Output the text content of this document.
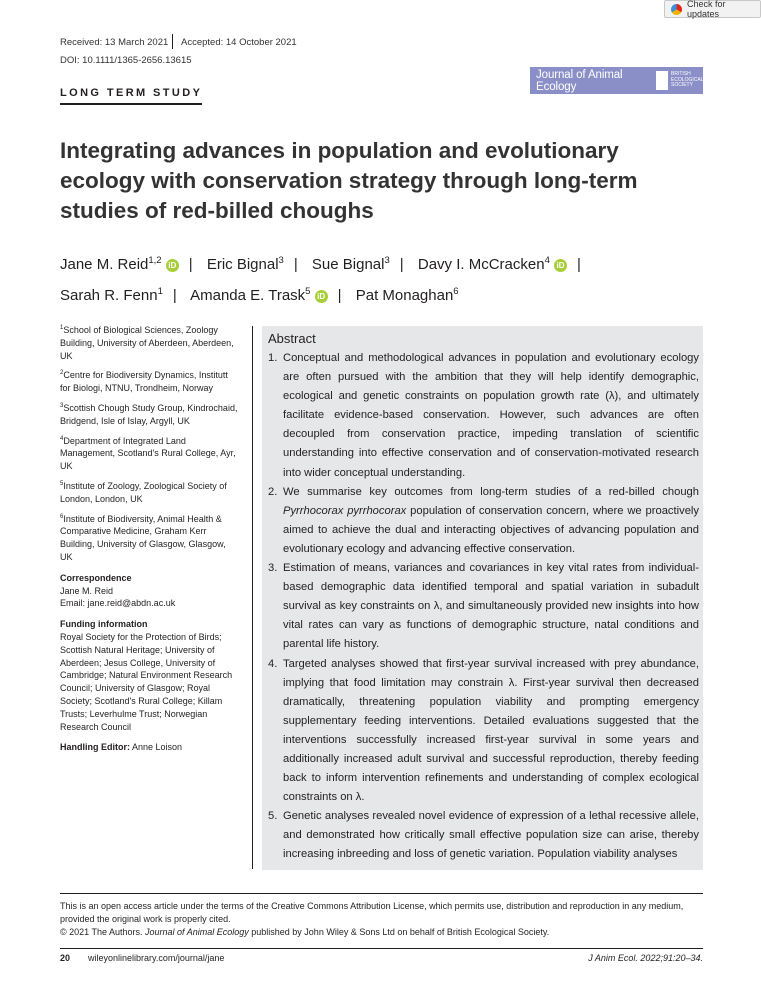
Received: 13 March 2021 Accepted: 14 October 2021
DOI: 10.1111/1365-2656.13615
Check for updates
Journal of Animal Ecology
BRITISH ECOLOGICAL SOCIETY
LONG TERM STUDY
Integrating advances in population and evolutionary ecology with conservation strategy through long-term studies of red-billed choughs
Jane M. Reid$^{1,2}$ iD | Eric Bignal$^3$ | Sue Bignal$^3$ | Davy I. McCracken$^4$ iD |
Sarah R. Fenn$^1$ | Amanda E. Trask$^5$ iD | Pat Monaghan$^6$
$^1$School of Biological Sciences, Zoology Building, University of Aberdeen, Aberdeen, UK
$^2$Centre for Biodiversity Dynamics, Institutt for Biologi, NTNU, Trondheim, Norway
$^3$Scottish Chough Study Group, Kindrochaid, Bridgend, Isle of Islay, Argyll, UK
$^4$Department of Integrated Land Management, Scotland's Rural College, Ayr, UK
$^5$Institute of Zoology, Zoological Society of London, London, UK
$^6$Institute of Biodiversity, Animal Health & Comparative Medicine, Graham Kerr Building, University of Glasgow, Glasgow, UK
Correspondence
Jane M. Reid
Email: jane.reid@abdn.ac.uk
Funding information
Royal Society for the Protection of Birds; Scottish Natural Heritage; University of Aberdeen; Jesus College, University of Cambridge; Natural Environment Research Council; University of Glasgow; Royal Society; Scotland's Rural College; Killam Trusts; Leverhulme Trust; Norwegian Research Council
Handling Editor: Anne Loison
Abstract
1. Conceptual and methodological advances in population and evolutionary ecology are often pursued with the ambition that they will help identify demographic, ecological and genetic constraints on population growth rate (λ), and ultimately facilitate evidence-based conservation. However, such advances are often decoupled from conservation practice, impeding translation of scientific understanding into effective conservation and of conservation-motivated research into wider conceptual understanding.
2. We summarise key outcomes from long-term studies of a red-billed chough Pyrrhocorax pyrrhocorax population of conservation concern, where we proactively aimed to achieve the dual and interacting objectives of advancing population and evolutionary ecology and advancing effective conservation.
3. Estimation of means, variances and covariances in key vital rates from individual-based demographic data identified temporal and spatial variation in subadult survival as key constraints on λ, and simultaneously provided new insights into how vital rates can vary as functions of demographic structure, natal conditions and parental life history.
4. Targeted analyses showed that first-year survival increased with prey abundance, implying that food limitation may constrain λ. First-year survival then decreased dramatically, threatening population viability and prompting emergency supplementary feeding interventions. Detailed evaluations suggested that the interventions successfully increased first-year survival in some years and additionally increased adult survival and successful reproduction, thereby feeding back to inform intervention refinements and understanding of complex ecological constraints on λ.
5. Genetic analyses revealed novel evidence of expression of a lethal recessive allele, and demonstrated how critically small effective population size can arise, thereby increasing inbreeding and loss of genetic variation. Population viability analyses
This is an open access article under the terms of the Creative Commons Attribution License, which permits use, distribution and reproduction in any medium, provided the original work is properly cited.
© 2021 The Authors. Journal of Animal Ecology published by John Wiley & Sons Ltd on behalf of British Ecological Society.
20	wileyonlinelibrary.com/journal/jane	J Anim Ecol. 2022;91:20–34.
